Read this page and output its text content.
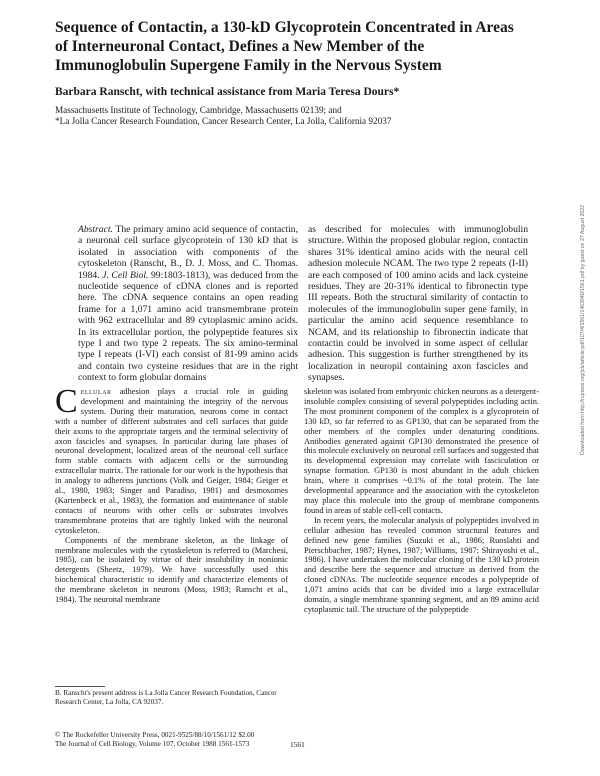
Sequence of Contactin, a 130-kD Glycoprotein Concentrated in Areas of Interneuronal Contact, Defines a New Member of the Immunoglobulin Supergene Family in the Nervous System
Barbara Ranscht, with technical assistance from Maria Teresa Dours*
Massachusetts Institute of Technology, Cambridge, Massachusetts 02139; and
*La Jolla Cancer Research Foundation, Cancer Research Center, La Jolla, California 92037
Abstract. The primary amino acid sequence of contactin, a neuronal cell surface glycoprotein of 130 kD that is isolated in association with components of the cytoskeleton (Ranscht, B., D. J. Moss, and C. Thomas. 1984. J. Cell Biol. 99:1803-1813), was deduced from the nucleotide sequence of cDNA clones and is reported here. The cDNA sequence contains an open reading frame for a 1,071 amino acid transmembrane protein with 962 extracellular and 89 cytoplasmic amino acids. In its extracellular portion, the polypeptide features six type I and two type 2 repeats. The six amino-terminal type I repeats (I-VI) each consist of 81-99 amino acids and contain two cysteine residues that are in the right context to form globular domains
as described for molecules with immunoglobulin structure. Within the proposed globular region, contactin shares 31% identical amino acids with the neural cell adhesion molecule NCAM. The two type 2 repeats (I-II) are each composed of 100 amino acids and lack cysteine residues. They are 20-31% identical to fibronectin type III repeats. Both the structural similarity of contactin to molecules of the immunoglobulin super gene family, in particular the amino acid sequence resemblance to NCAM, and its relationship to fibronectin indicate that contactin could be involved in some aspect of cellular adhesion. This suggestion is further strengthened by its localization in neuropil containing axon fascicles and synapses.

Cellular adhesion plays a crucial role in guiding development and maintaining the integrity of the nervous system. During their maturation, neurons come in contact with a number of different substrates and cell surfaces that guide their axons to the appropriate targets and the terminal selectivity of axon fascicles and synapses. In particular during late phases of neuronal development, localized areas of the neuronal cell surface form stable contacts with adjacent cells or the surrounding extracellular matrix. The rationale for our work is the hypothesis that in analogy to adherens junctions (Volk and Geiger, 1984; Geiger et al., 1980, 1983; Singer and Paradiso, 1981) and desmosomes (Kartenbeck et al., 1983), the formation and maintenance of stable contacts of neurons with other cells or substrates involves transmembrane proteins that are tightly linked with the neuronal cytoskeleton.

Components of the membrane skeleton, as the linkage of membrane molecules with the cytoskeleton is referred to (Marchesi, 1985), can be isolated by virtue of their insolubility in nonionic detergents (Sheetz, 1979). We have successfully used this biochemical characteristic to identify and characterize elements of the membrane skeleton in neurons (Moss, 1983; Ranscht et al., 1984). The neuronal membrane

skeleton was isolated from embryonic chicken neurons as a detergent-insoluble complex consisting of several polypeptides including actin. The most prominent component of the complex is a glycoprotein of 130 kD, so far referred to as GP130, that can be separated from the other members of the complex under denaturing conditions. Antibodies generated against GP130 demonstrated the presence of this molecule exclusively on neuronal cell surfaces and suggested that its developmental expression may correlate with fasciculation or synapse formation. GP130 is most abundant in the adult chicken brain, where it comprises ~0.1% of the total protein. The late developmental appearance and the association with the cytoskeleton may place this molecule into the group of membrane components found in areas of stable cell-cell contacts.

In recent years, the molecular analysis of polypeptides involved in cellular adhesion has revealed common structural features and defined new gene families (Suzuki et al., 1986; Ruoslahti and Pierschbacher, 1987; Hynes, 1987; Williams, 1987; Shirayoshi et al., 1986). I have undertaken the molecular cloning of the 130 kD protein and describe here the sequence and structure as derived from the cloned cDNAs. The nucleotide sequence encodes a polypeptide of 1,071 amino acids that can be divided into a large extracellular domain, a single membrane spanning segment, and an 89 amino acid cytoplasmic tail. The structure of the polypeptide

B. Ranscht's present address is La Jolla Cancer Research Foundation, Cancer Research Center, La Jolla, CA 92037.
© The Rockefeller University Press, 0021-9525/88/10/1561/12 $2.00
The Journal of Cell Biology, Volume 107, October 1988 1561-1573	1561
Downloaded from http://rupress.org/jcb/article-pdf/107/4/1561/1463940/1561.pdf by guest on 27 August 2022
